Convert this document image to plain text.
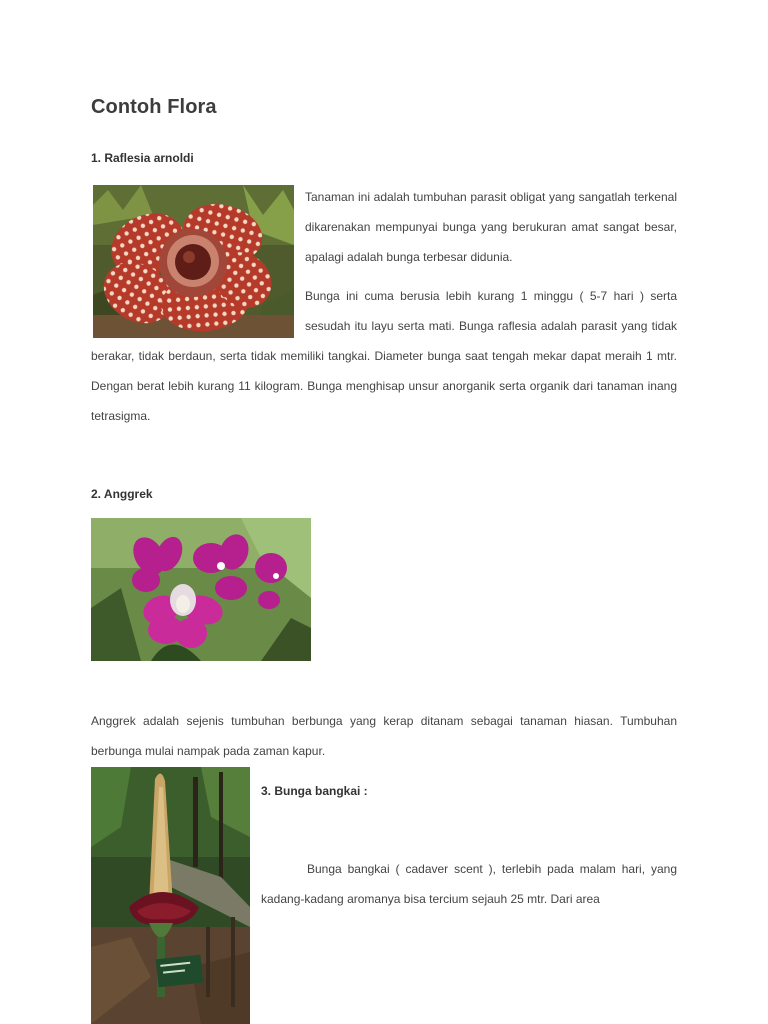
Contoh Flora
1. Raflesia arnoldi

Tanaman ini adalah tumbuhan parasit obligat yang sangatlah terkenal dikarenakan mempunyai bunga yang berukuran amat sangat besar, apalagi adalah bunga terbesar didunia.

Bunga ini cuma berusia lebih kurang 1 minggu ( 5-7 hari ) serta sesudah itu layu serta mati. Bunga raflesia adalah parasit yang tidak berakar, tidak berdaun, serta tidak memiliki tangkai. Diameter bunga saat tengah mekar dapat meraih 1 mtr. Dengan berat lebih kurang 11 kilogram. Bunga menghisap unsur anorganik serta organik dari tanaman inang tetrasigma.

2. Anggrek

Anggrek adalah sejenis tumbuhan berbunga yang kerap ditanam sebagai tanaman hiasan. Tumbuhan berbunga mulai nampak pada zaman kapur.

3. Bunga bangkai :

Bunga bangkai ( cadaver scent ), terlebih pada malam hari, yang kadang-kadang aromanya bisa tercium sejauh 25 mtr. Dari area
